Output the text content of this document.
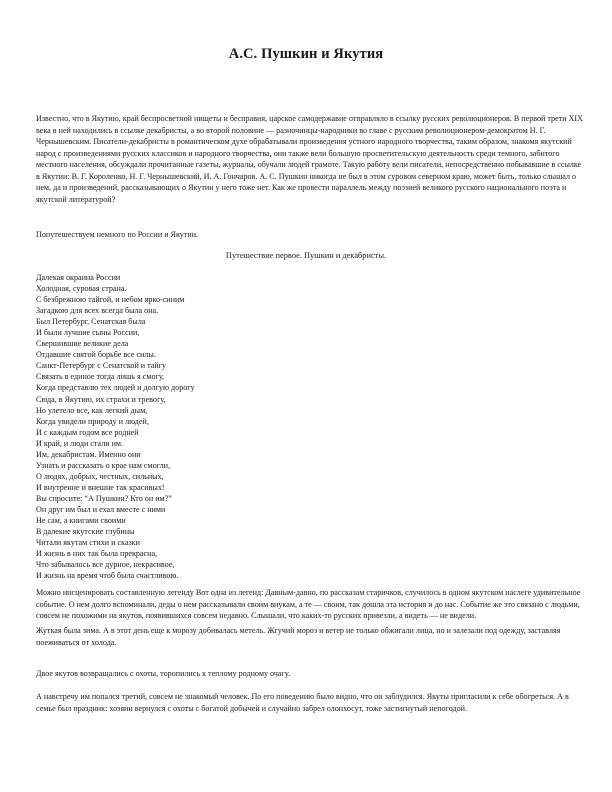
А.С. Пушкин и Якутия

Известно, что в Якутию, край беспросветной нищеты и бесправия, царское самодержавие отправляло в ссылку русских революционеров. В первой трети XIX века в ней находились в ссылке декабристы, а во второй половине — разночинцы-народники во главе с русским революционером-демократом Н. Г. Чернышевским. Писатели-декабристы в романтическом духе обрабатывали произведения устного народного творчества, таким образом, знакомя якутский народ с произведениями русских классиков и народного творчества, они также вели большую просветительскую деятельность среди темного, забитого местного населения, обсуждали прочитанные газеты, журналы, обучали людей грамоте. Такую работу вели писатели, непосредственно побывавшие в ссылке в Якутии: В. Г. Короленко, Н. Г. Чернышевский, И. А. Гончаров. А. С. Пушкин никогда не был в этом суровом северном краю, может быть, только слышал о нем, да и произведений, рассказывающих о Якутии у него тоже нет. Как же провести параллель между поэзией великого русского национального поэта и якутской литературой?

Попутешествуем немного по России и Якутии.

Путешествие первое. Пушкин и декабристы.
Далекая окраина России
Холодная, суровая страна.
С безбрежною тайгой, и небом ярко-синим
Загадкою для всех всегда была она.
Был Петербург, Сенатская была
И были лучшие сыны России,
Свершившие великие дела
Отдавшие святой борьбе все силы.
Санкт-Петербург с Сенатской и тайгу
Связать в единое тогда лишь я смогу,
Когда представлю тех людей и долгую дорогу
Сюда, в Якутию, их страхи и тревогу,
Но улетело все, как легкий дым,
Когда увидели природу и людей,
И с каждым годом все родней
И край, и люди стали им.
Им, декабристам. Именно они
Узнать и рассказать о крае нам смогли,
О людях, добрых, честных, сильных,
И внутренне и внешне так красивых!
Вы спросите: “А Пушкин? Кто он им?”
Он друг им был и ехал вместе с ними
Не сам, а книгами своими
В далекие якутские глубины
Читали якутам стихи и сказки
И жизнь в них так была прекрасна,
Что забывалось все дурное, некрасивое,
И жизнь на время чтоб была счастливою.

Можно инсценировать составленную легенду Вот одна из легенд: Давным-давно, по рассказам старичков, случилось в одном якутском наслеге удивительное событие. О нем долго вспоминали, деды о нем рассказывали своим внукам, а те — своим, так дошла эта история и до нас. Событие же это связано с людьми, совсем не похожими на якутов, появившихся совсем недавно. Слышали, что каких-то русских привезли, а видеть — не видели.

Жуткая была зима. А в этот день еще к морозу добивалась метель. Жгучий мороз и ветер не только обжигали лица, но и залезали под одежду, заставляя поеживаться от холода.

Двое якутов возвращались с охоты, торопились к теплому родному очагу.

А навстречу им попался третий, совсем не знакомый человек. По его поведению было видно, что он заблудился. Якуты пригласили к себе обогреться. А в семье был праздник: хозяин вернулся с охоты с богатой добычей и случайно забрел олонхосут, тоже застигнутый непогодой.
